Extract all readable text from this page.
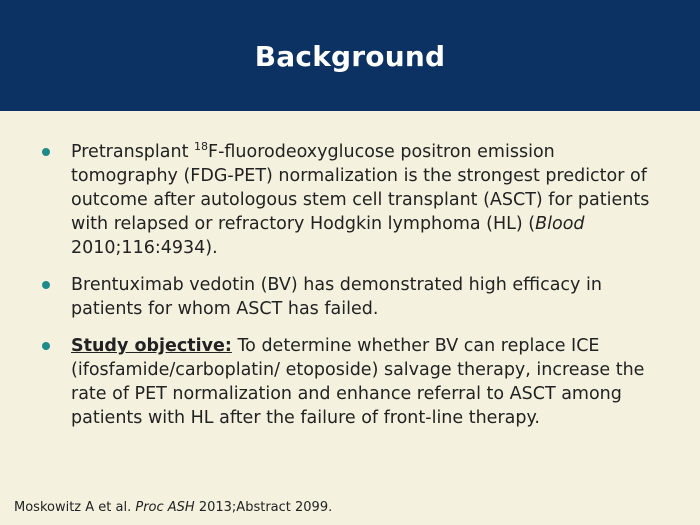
Background
Pretransplant $^{18}$F-fluorodeoxyglucose positron emission tomography (FDG-PET) normalization is the strongest predictor of outcome after autologous stem cell transplant (ASCT) for patients with relapsed or refractory Hodgkin lymphoma (HL) (Blood 2010;116:4934).
Brentuximab vedotin (BV) has demonstrated high efficacy in patients for whom ASCT has failed.
Study objective: To determine whether BV can replace ICE (ifosfamide/carboplatin/ etoposide) salvage therapy, increase the rate of PET normalization and enhance referral to ASCT among patients with HL after the failure of front-line therapy.
Moskowitz A et al. Proc ASH 2013;Abstract 2099.
